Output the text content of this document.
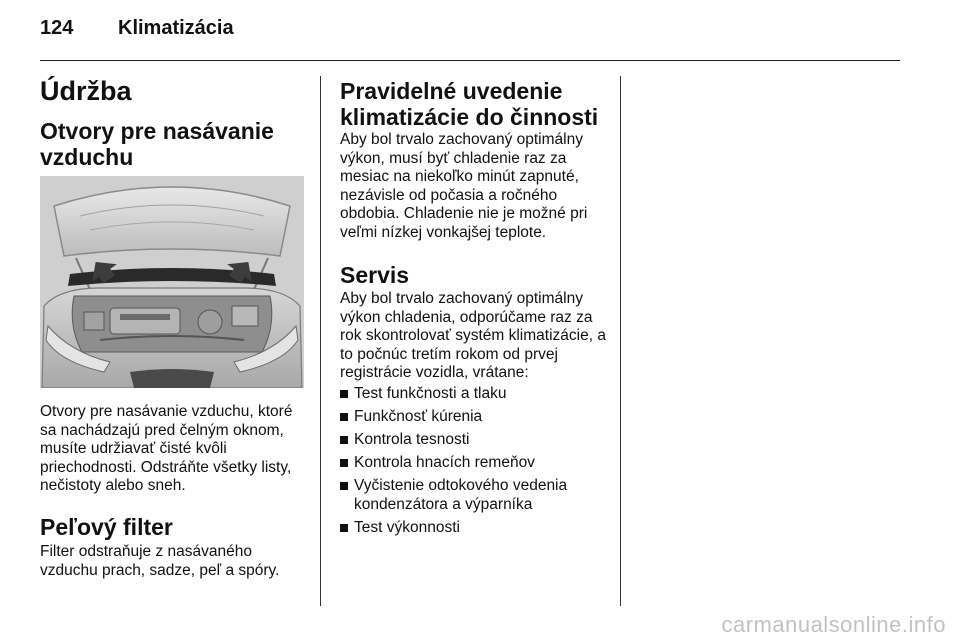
124 Klimatizácia
Údržba
Otvory pre nasávanie vzduchu

Otvory pre nasávanie vzduchu, ktoré sa nachádzajú pred čelným oknom, musíte udržiavať čisté kvôli priechodnosti. Odstráňte všetky listy, nečistoty alebo sneh.

Peľový filter

Filter odstraňuje z nasávaného vzduchu prach, sadze, peľ a spóry.

Pravidelné uvedenie klimatizácie do činnosti

Aby bol trvalo zachovaný optimálny výkon, musí byť chladenie raz za mesiac na niekoľko minút zapnuté, nezávisle od počasia a ročného obdobia. Chladenie nie je možné pri veľmi nízkej vonkajšej teplote.

Servis

Aby bol trvalo zachovaný optimálny výkon chladenia, odporúčame raz za rok skontrolovať systém klimatizácie, a to počnúc tretím rokom od prvej registrácie vozidla, vrátane:

Test funkčnosti a tlaku
Funkčnosť kúrenia
Kontrola tesnosti
Kontrola hnacích remeňov
Vyčistenie odtokového vedenia kondenzátora a výparníka
Test výkonnosti
carmanualsonline.info
